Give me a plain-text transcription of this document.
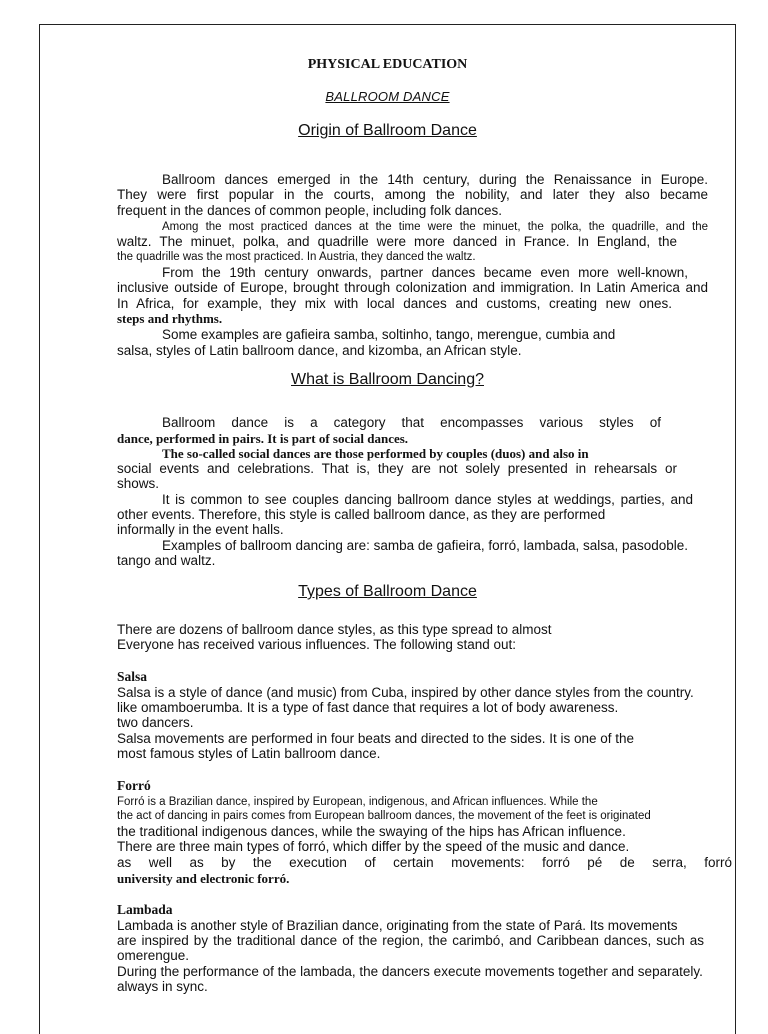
PHYSICAL EDUCATION

BALLROOM DANCE

Origin of Ballroom Dance

Ballroom dances emerged in the 14th century, during the Renaissance in Europe.

They were first popular in the courts, among the nobility, and later they also became

frequent in the dances of common people, including folk dances.

Among the most practiced dances at the time were the minuet, the polka, the quadrille, and the

waltz. The minuet, polka, and quadrille were more danced in France. In England, the

the quadrille was the most practiced. In Austria, they danced the waltz.

From the 19th century onwards, partner dances became even more well-known,

inclusive outside of Europe, brought through colonization and immigration. In Latin America and

In Africa, for example, they mix with local dances and customs, creating new ones.

steps and rhythms.

Some examples are gafieira samba, soltinho, tango, merengue, cumbia and

salsa, styles of Latin ballroom dance, and kizomba, an African style.

What is Ballroom Dancing?

Ballroom dance is a category that encompasses various styles of

dance, performed in pairs. It is part of social dances.

The so-called social dances are those performed by couples (duos) and also in

social events and celebrations. That is, they are not solely presented in rehearsals or

shows.

It is common to see couples dancing ballroom dance styles at weddings, parties, and

other events. Therefore, this style is called ballroom dance, as they are performed

informally in the event halls.

Examples of ballroom dancing are: samba de gafieira, forró, lambada, salsa, pasodoble.

tango and waltz.

Types of Ballroom Dance

There are dozens of ballroom dance styles, as this type spread to almost

Everyone has received various influences. The following stand out:

Salsa

Salsa is a style of dance (and music) from Cuba, inspired by other dance styles from the country.

like omamboerumba. It is a type of fast dance that requires a lot of body awareness.

two dancers.

Salsa movements are performed in four beats and directed to the sides. It is one of the

most famous styles of Latin ballroom dance.

Forró

Forró is a Brazilian dance, inspired by European, indigenous, and African influences. While the

the act of dancing in pairs comes from European ballroom dances, the movement of the feet is originated

the traditional indigenous dances, while the swaying of the hips has African influence.

There are three main types of forró, which differ by the speed of the music and dance.

as well as by the execution of certain movements: forró pé de serra, forró

university and electronic forró.

Lambada

Lambada is another style of Brazilian dance, originating from the state of Pará. Its movements

are inspired by the traditional dance of the region, the carimbó, and Caribbean dances, such as

omerengue.

During the performance of the lambada, the dancers execute movements together and separately.

always in sync.
